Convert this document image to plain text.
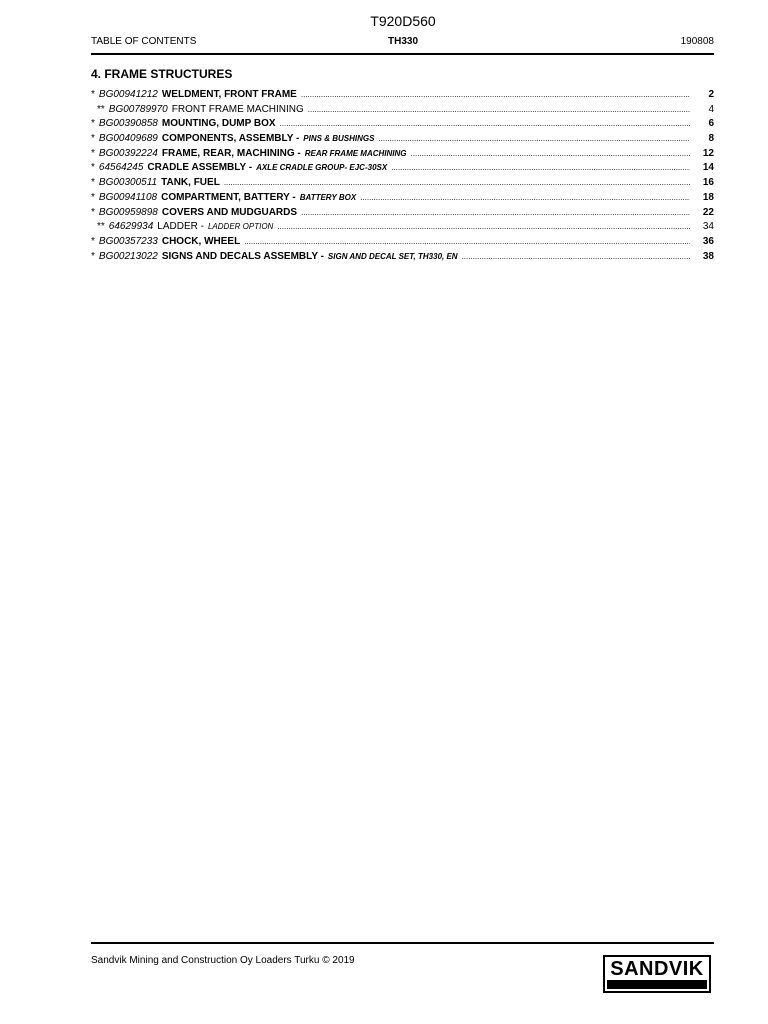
T920D560
TABLE OF CONTENTS	TH330	190808
4. FRAME STRUCTURES
* BG00941212 WELDMENT, FRONT FRAME .....	2
** BG00789970 FRONT FRAME MACHINING .....	4
* BG00390858 MOUNTING, DUMP BOX .....	6
* BG00409689 COMPONENTS, ASSEMBLY - PINS & BUSHINGS .....	8
* BG00392224 FRAME, REAR, MACHINING - REAR FRAME MACHINING .....	12
* 64564245 CRADLE ASSEMBLY - AXLE CRADLE GROUP- EJC-30SX .....	14
* BG00300511 TANK, FUEL .....	16
* BG00941108 COMPARTMENT, BATTERY - BATTERY BOX .....	18
* BG00959898 COVERS AND MUDGUARDS .....	22
** 64629934 LADDER - LADDER OPTION .....	34
* BG00357233 CHOCK, WHEEL .....	36
* BG00213022 SIGNS AND DECALS ASSEMBLY - SIGN AND DECAL SET, TH330, EN .....	38
Sandvik Mining and Construction Oy Loaders Turku © 2019	SANDVIK
